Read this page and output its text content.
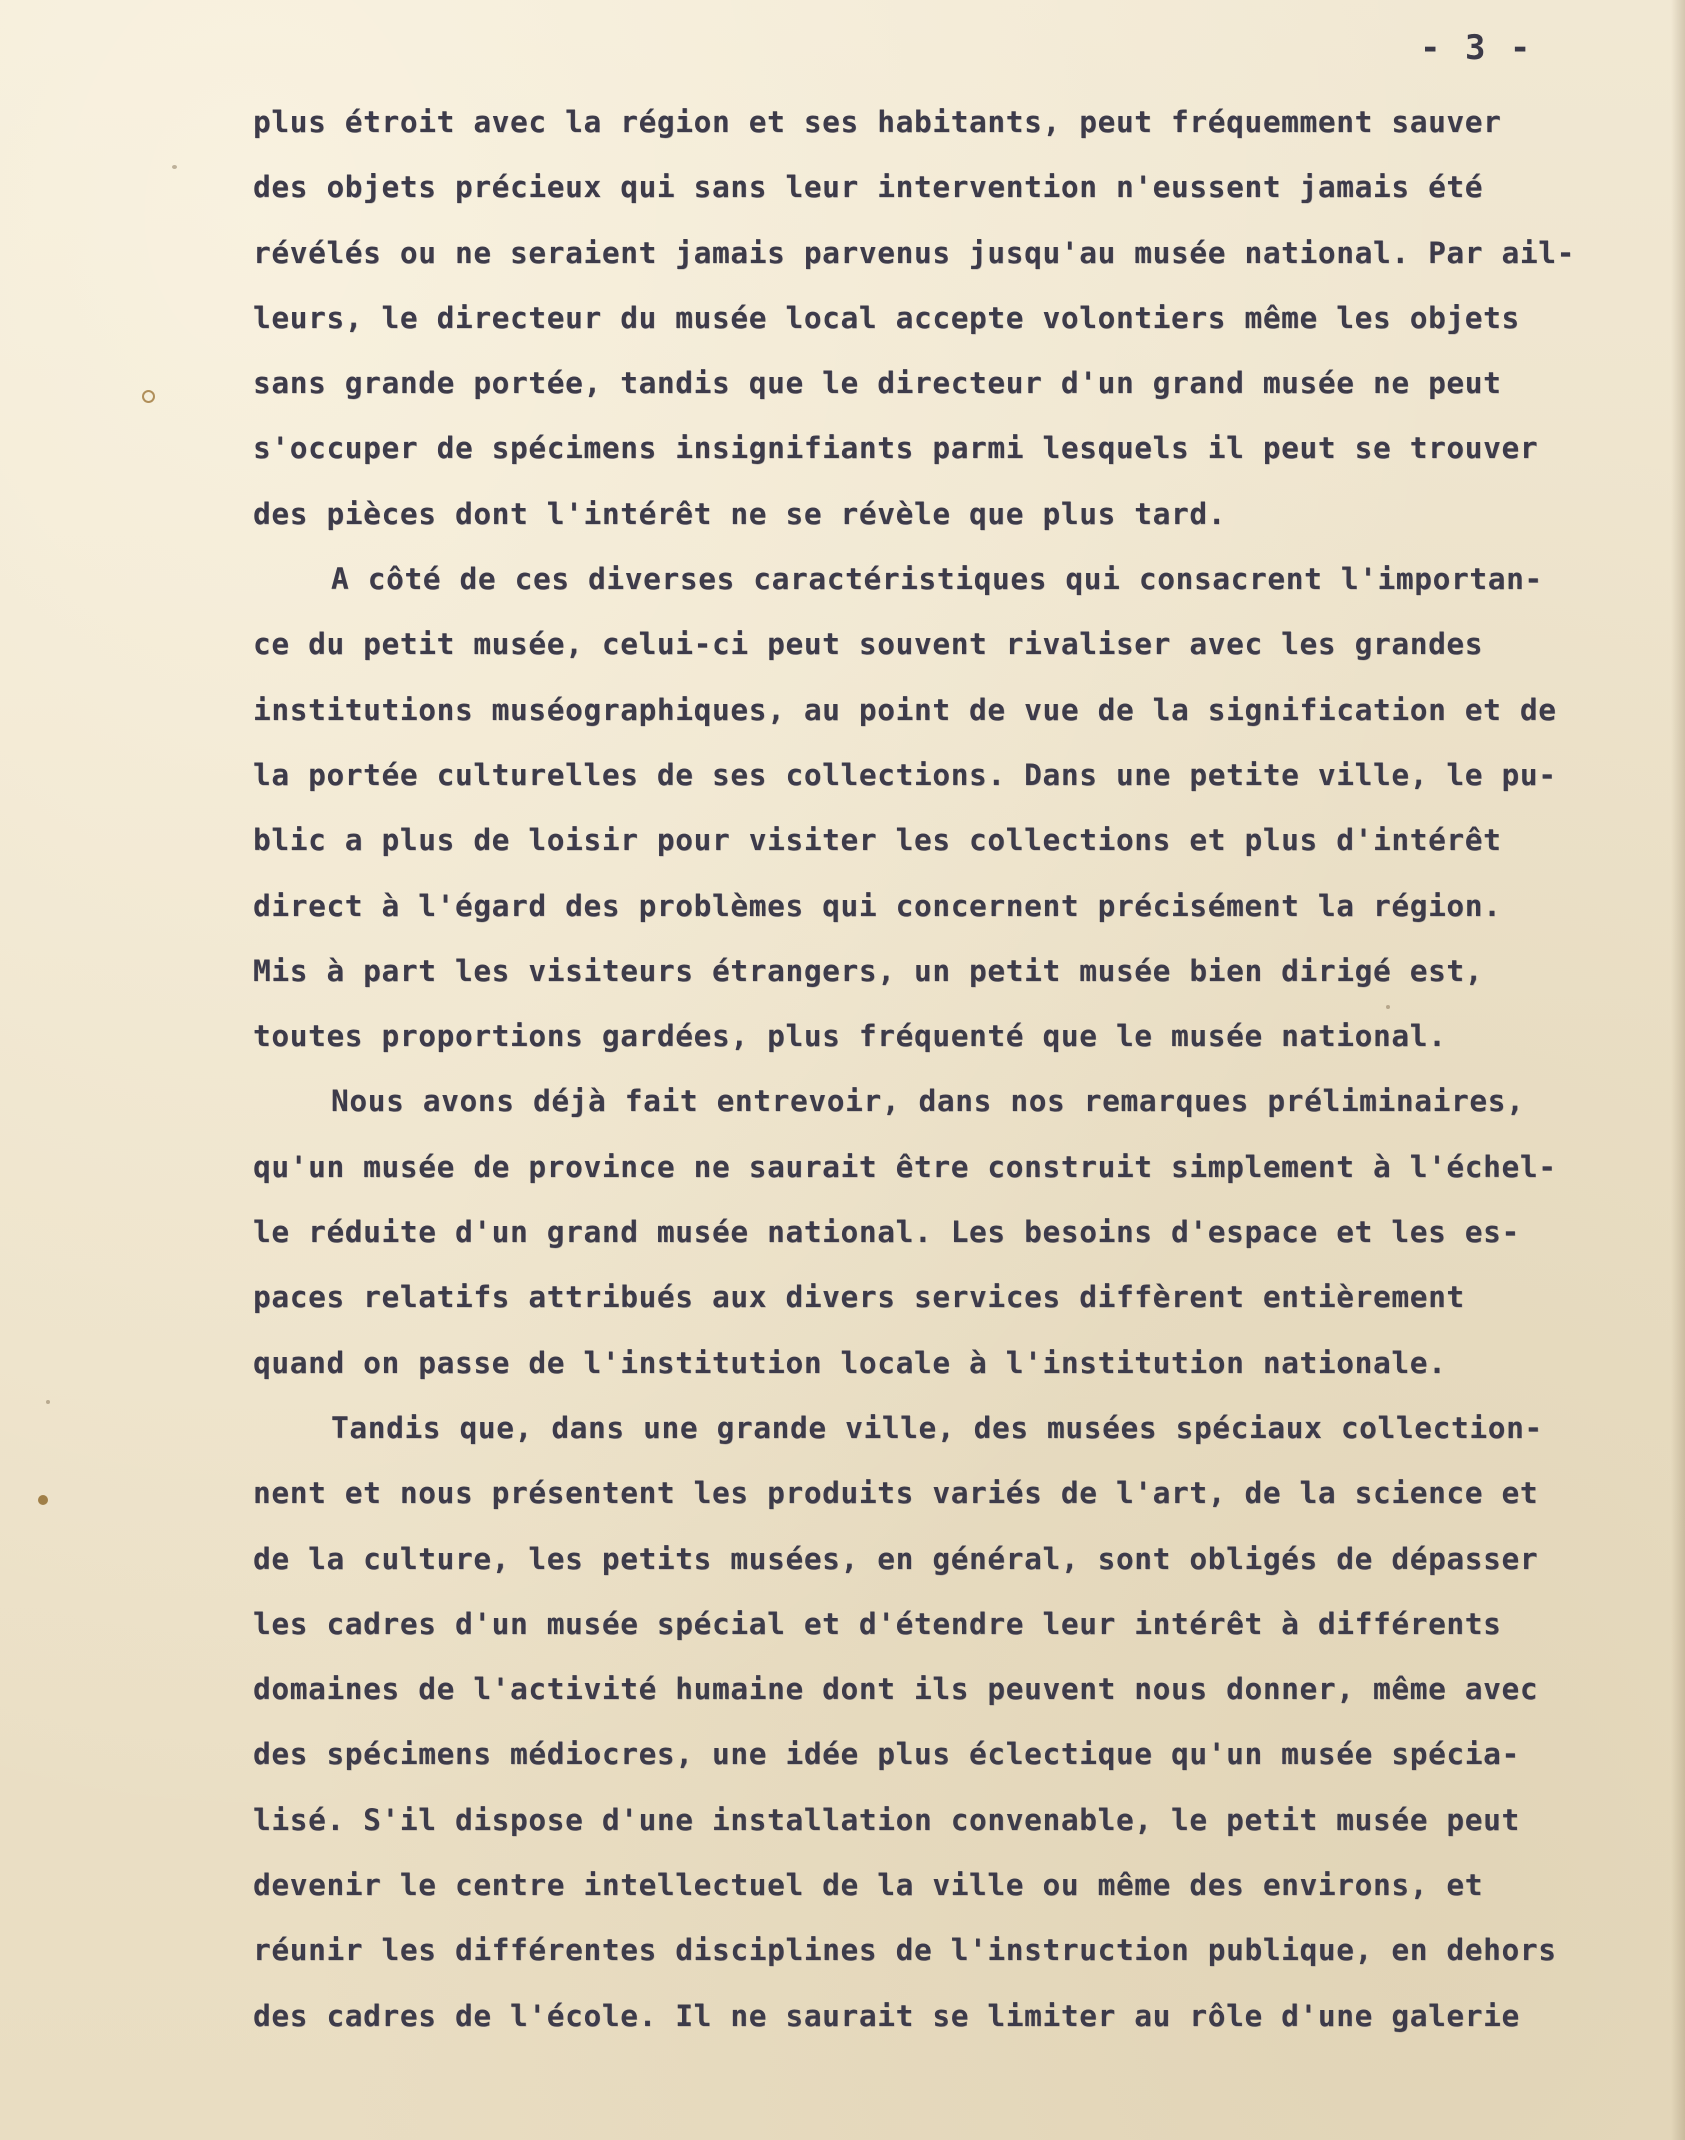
- 3 -
plus étroit avec la région et ses habitants, peut fréquemment sauver
des objets précieux qui sans leur intervention n'eussent jamais été
révélés ou ne seraient jamais parvenus jusqu'au musée national. Par ail-
leurs, le directeur du musée local accepte volontiers même les objets
sans grande portée, tandis que le directeur d'un grand musée ne peut
s'occuper de spécimens insignifiants parmi lesquels il peut se trouver
des pièces dont l'intérêt ne se révèle que plus tard.
A côté de ces diverses caractéristiques qui consacrent l'importan-
ce du petit musée, celui-ci peut souvent rivaliser avec les grandes
institutions muséographiques, au point de vue de la signification et de
la portée culturelles de ses collections. Dans une petite ville, le pu-
blic a plus de loisir pour visiter les collections et plus d'intérêt
direct à l'égard des problèmes qui concernent précisément la région.
Mis à part les visiteurs étrangers, un petit musée bien dirigé est,
toutes proportions gardées, plus fréquenté que le musée national.
Nous avons déjà fait entrevoir, dans nos remarques préliminaires,
qu'un musée de province ne saurait être construit simplement à l'échel-
le réduite d'un grand musée national. Les besoins d'espace et les es-
paces relatifs attribués aux divers services diffèrent entièrement
quand on passe de l'institution locale à l'institution nationale.
Tandis que, dans une grande ville, des musées spéciaux collection-
nent et nous présentent les produits variés de l'art, de la science et
de la culture, les petits musées, en général, sont obligés de dépasser
les cadres d'un musée spécial et d'étendre leur intérêt à différents
domaines de l'activité humaine dont ils peuvent nous donner, même avec
des spécimens médiocres, une idée plus éclectique qu'un musée spécia-
lisé. S'il dispose d'une installation convenable, le petit musée peut
devenir le centre intellectuel de la ville ou même des environs, et
réunir les différentes disciplines de l'instruction publique, en dehors
des cadres de l'école. Il ne saurait se limiter au rôle d'une galerie
